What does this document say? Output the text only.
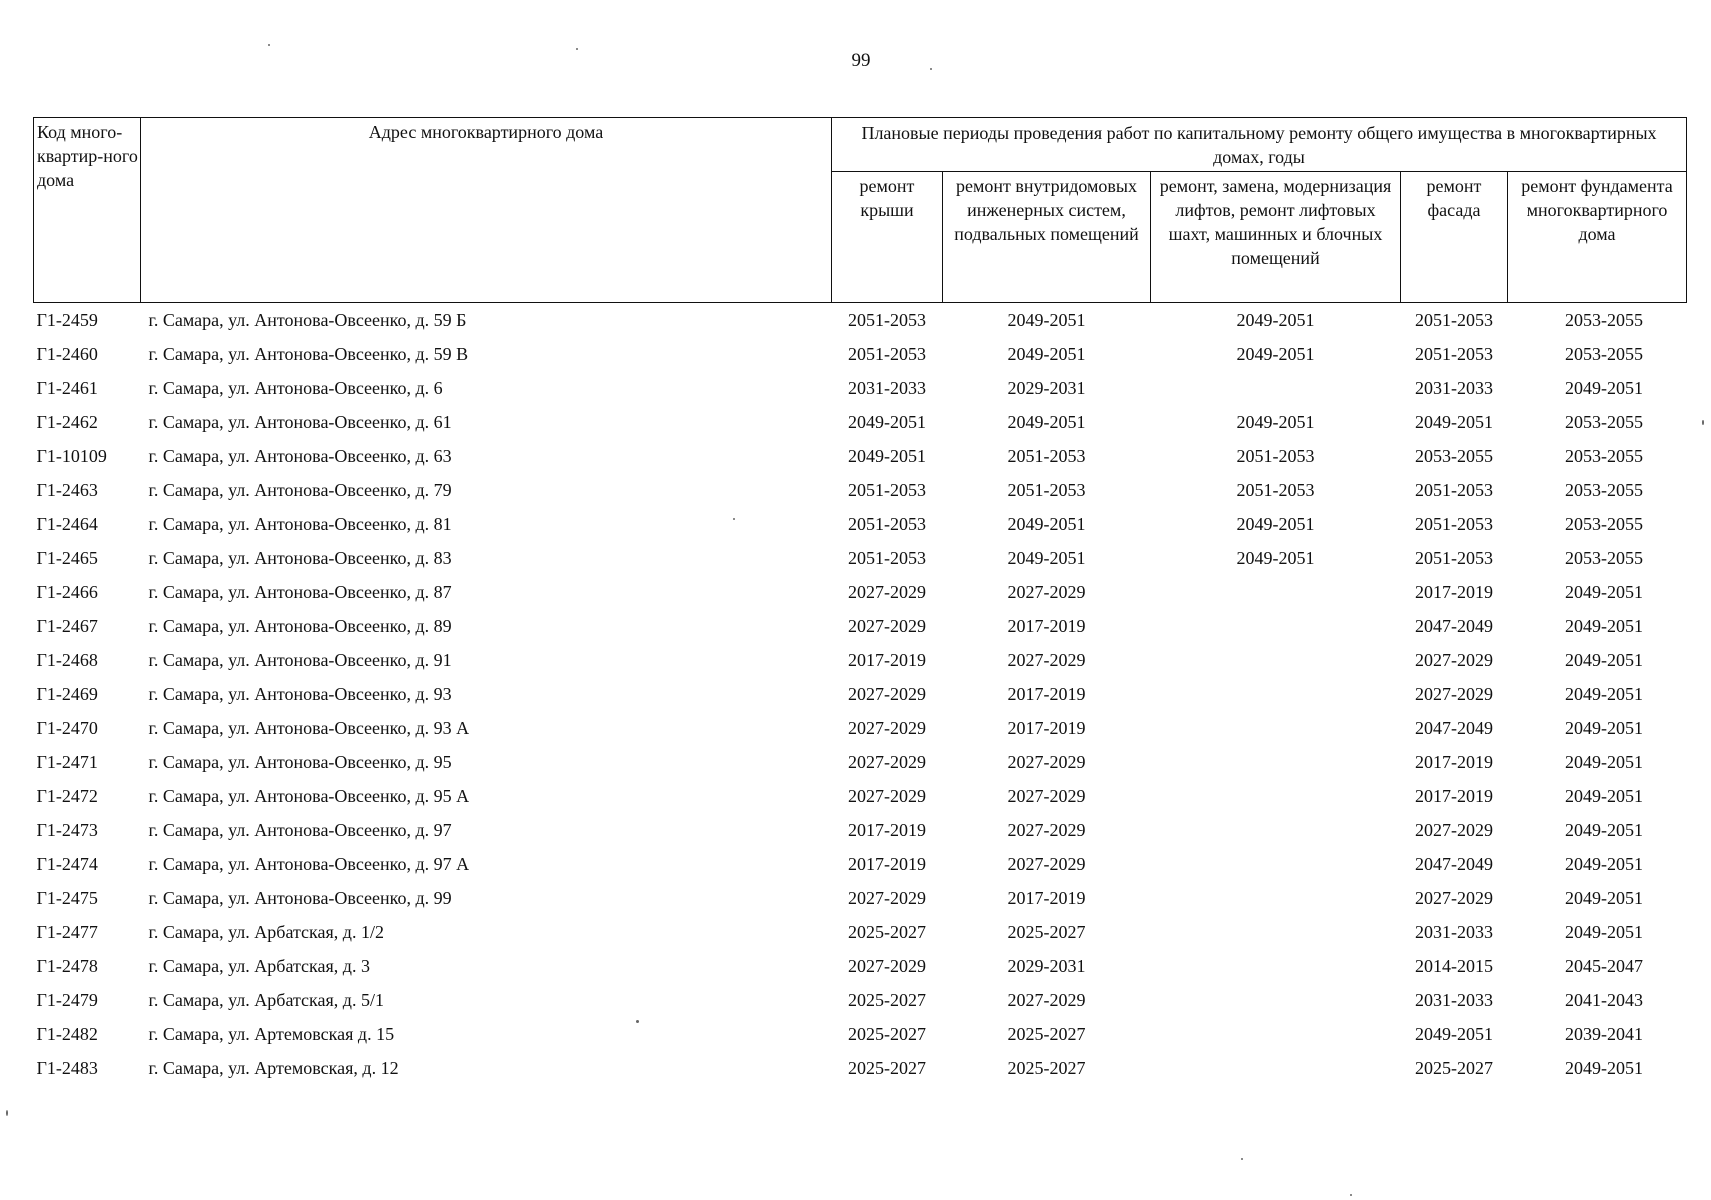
99
Код много-квартир-ного дома	Адрес многоквартирного дома	Плановые периоды проведения работ по капитальному ремонту общего имущества в многоквартирных домах, годы				
		ремонт крыши	ремонт внутридомовых инженерных систем, подвальных помещений	ремонт, замена, модернизация лифтов, ремонт лифтовых шахт, машинных и блочных помещений	ремонт фасада	ремонт фундамента многоквартирного дома
Г1-2459	г. Самара, ул. Антонова-Овсеенко, д. 59 Б	2051-2053	2049-2051	2049-2051	2051-2053	2053-2055
Г1-2460	г. Самара, ул. Антонова-Овсеенко, д. 59 В	2051-2053	2049-2051	2049-2051	2051-2053	2053-2055
Г1-2461	г. Самара, ул. Антонова-Овсеенко, д. 6	2031-2033	2029-2031		2031-2033	2049-2051
Г1-2462	г. Самара, ул. Антонова-Овсеенко, д. 61	2049-2051	2049-2051	2049-2051	2049-2051	2053-2055
Г1-10109	г. Самара, ул. Антонова-Овсеенко, д. 63	2049-2051	2051-2053	2051-2053	2053-2055	2053-2055
Г1-2463	г. Самара, ул. Антонова-Овсеенко, д. 79	2051-2053	2051-2053	2051-2053	2051-2053	2053-2055
Г1-2464	г. Самара, ул. Антонова-Овсеенко, д. 81	2051-2053	2049-2051	2049-2051	2051-2053	2053-2055
Г1-2465	г. Самара, ул. Антонова-Овсеенко, д. 83	2051-2053	2049-2051	2049-2051	2051-2053	2053-2055
Г1-2466	г. Самара, ул. Антонова-Овсеенко, д. 87	2027-2029	2027-2029		2017-2019	2049-2051
Г1-2467	г. Самара, ул. Антонова-Овсеенко, д. 89	2027-2029	2017-2019		2047-2049	2049-2051
Г1-2468	г. Самара, ул. Антонова-Овсеенко, д. 91	2017-2019	2027-2029		2027-2029	2049-2051
Г1-2469	г. Самара, ул. Антонова-Овсеенко, д. 93	2027-2029	2017-2019		2027-2029	2049-2051
Г1-2470	г. Самара, ул. Антонова-Овсеенко, д. 93 А	2027-2029	2017-2019		2047-2049	2049-2051
Г1-2471	г. Самара, ул. Антонова-Овсеенко, д. 95	2027-2029	2027-2029		2017-2019	2049-2051
Г1-2472	г. Самара, ул. Антонова-Овсеенко, д. 95 А	2027-2029	2027-2029		2017-2019	2049-2051
Г1-2473	г. Самара, ул. Антонова-Овсеенко, д. 97	2017-2019	2027-2029		2027-2029	2049-2051
Г1-2474	г. Самара, ул. Антонова-Овсеенко, д. 97 А	2017-2019	2027-2029		2047-2049	2049-2051
Г1-2475	г. Самара, ул. Антонова-Овсеенко, д. 99	2027-2029	2017-2019		2027-2029	2049-2051
Г1-2477	г. Самара, ул. Арбатская, д. 1/2	2025-2027	2025-2027		2031-2033	2049-2051
Г1-2478	г. Самара, ул. Арбатская, д. 3	2027-2029	2029-2031		2014-2015	2045-2047
Г1-2479	г. Самара, ул. Арбатская, д. 5/1	2025-2027	2027-2029		2031-2033	2041-2043
Г1-2482	г. Самара, ул. Артемовская д. 15	2025-2027	2025-2027		2049-2051	2039-2041
Г1-2483	г. Самара, ул. Артемовская, д. 12	2025-2027	2025-2027		2025-2027	2049-2051
